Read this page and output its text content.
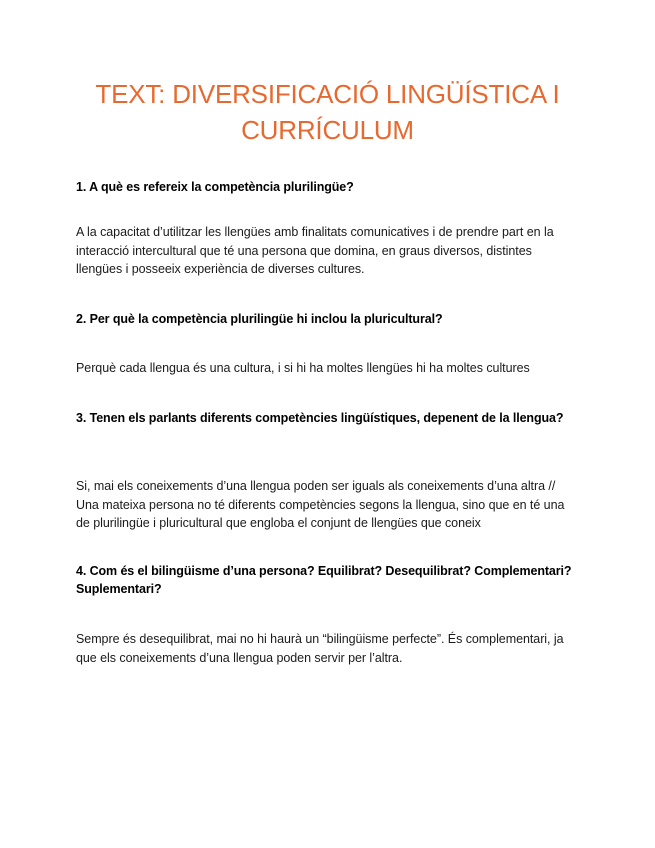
TEXT: DIVERSIFICACIÓ LINGÜÍSTICA I CURRÍCULUM

1. A què es refereix la competència plurilingüe?

A la capacitat d’utilitzar les llengües amb finalitats comunicatives i de prendre part en la interacció intercultural que té una persona que domina, en graus diversos, distintes llengües i posseeix experiència de diverses cultures.

2. Per què la competència plurilingüe hi inclou la pluricultural?

Perquè cada llengua és una cultura, i si hi ha moltes llengües hi ha moltes cultures

3. Tenen els parlants diferents competències lingüístiques, depenent de la llengua?

Si, mai els coneixements d’una llengua poden ser iguals als coneixements d’una altra // Una mateixa persona no té diferents competències segons la llengua, sino que en té una de plurilingüe i pluricultural que engloba el conjunt de llengües que coneix

4. Com és el bilingüisme d’una persona? Equilibrat? Desequilibrat? Complementari? Suplementari?

Sempre és desequilibrat, mai no hi haurà un “bilingüisme perfecte”. És complementari, ja que els coneixements d’una llengua poden servir per l’altra.
